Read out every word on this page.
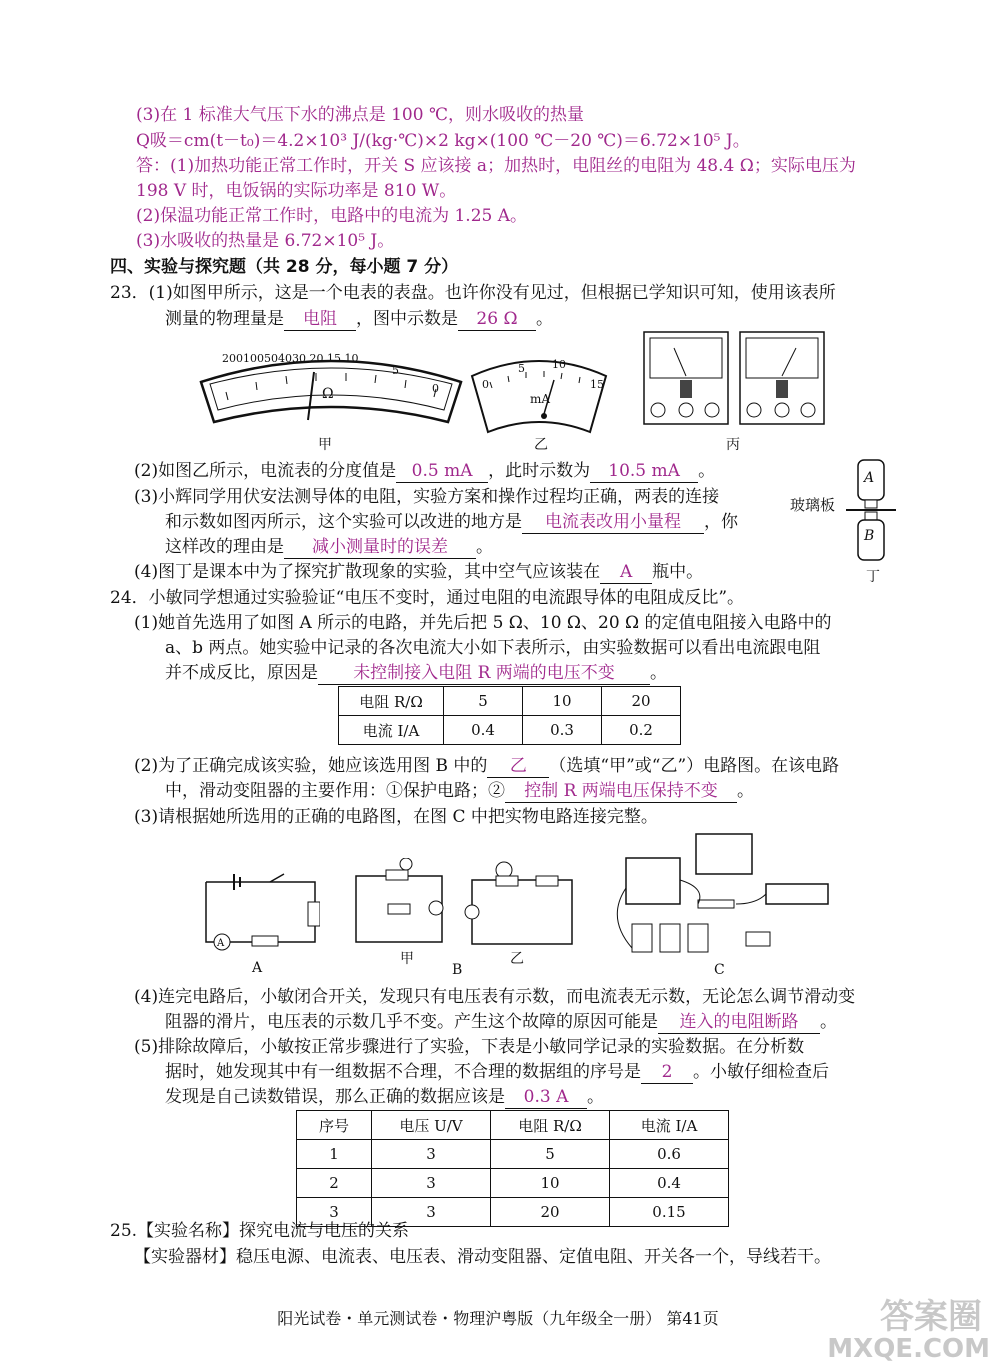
(3)在 1 标准大气压下水的沸点是 100 ℃，则水吸收的热量
Q吸＝cm(t－t₀)＝4.2×10³ J/(kg·℃)×2 kg×(100 ℃－20 ℃)＝6.72×10⁵ J。
答：(1)加热功能正常工作时，开关 S 应该接 a；加热时，电阻丝的电阻为 48.4 Ω；实际电压为
198 V 时，电饭锅的实际功率是 810 W。
(2)保温功能正常工作时，电路中的电流为 1.25 A。
(3)水吸收的热量是 6.72×10⁵ J。
四、实验与探究题（共 28 分，每小题 7 分）
23．(1)如图甲所示，这是一个电表的表盘。也许你没有见过，但根据已学知识可知，使用该表所
测量的物理量是 电阻 ，图中示数是 26 Ω 。
200100504030 20 15 10
5
0
Ω
甲
0
5 10
15
mA
乙	丙
(2)如图乙所示，电流表的分度值是 0.5 mA ，此时示数为 10.5 mA 。
(3)小辉同学用伏安法测导体的电阻，实验方案和操作过程均正确，两表的连接
和示数如图丙所示，这个实验可以改进的地方是 电流表改用小量程 ，你
这样改的理由是 减小测量时的误差 。
(4)图丁是课本中为了探究扩散现象的实验，其中空气应该装在 A 瓶中。
A
B
玻璃板
丁
24．小敏同学想通过实验验证“电压不变时，通过电阻的电流跟导体的电阻成反比”。
(1)她首先选用了如图 A 所示的电路，并先后把 5 Ω、10 Ω、20 Ω 的定值电阻接入电路中的
a、b 两点。她实验中记录的各次电流大小如下表所示，由实验数据可以看出电流跟电阻
并不成反比，原因是 未控制接入电阻 R 两端的电压不变 。
电阻 R/Ω	5	10	20
电流 I/A	0.4	0.3	0.2
(2)为了正确完成该实验，她应该选用图 B 中的 乙 （选填“甲”或“乙”）电路图。在该电路
中，滑动变阻器的主要作用：①保护电路；② 控制 R 两端电压保持不变 。
(3)请根据她所选用的正确的电路图，在图 C 中把实物电路连接完整。
A
A
甲	乙
B	C
(4)连完电路后，小敏闭合开关，发现只有电压表有示数，而电流表无示数，无论怎么调节滑动变
阻器的滑片，电压表的示数几乎不变。产生这个故障的原因可能是 连入的电阻断路 。
(5)排除故障后，小敏按正常步骤进行了实验，下表是小敏同学记录的实验数据。在分析数
据时，她发现其中有一组数据不合理，不合理的数据组的序号是 2 。小敏仔细检查后
发现是自己读数错误，那么正确的数据应该是 0.3 A 。
序号	电压 U/V	电阻 R/Ω	电流 I/A
1	3	5	0.6
2	3	10	0.4
3	3	20	0.15
25.【实验名称】探究电流与电压的关系
【实验器材】稳压电源、电流表、电压表、滑动变阻器、定值电阻、开关各一个，导线若干。
阳光试卷・单元测试卷・物理沪粤版（九年级全一册） 第41页	答案圈
MXQE.COM
